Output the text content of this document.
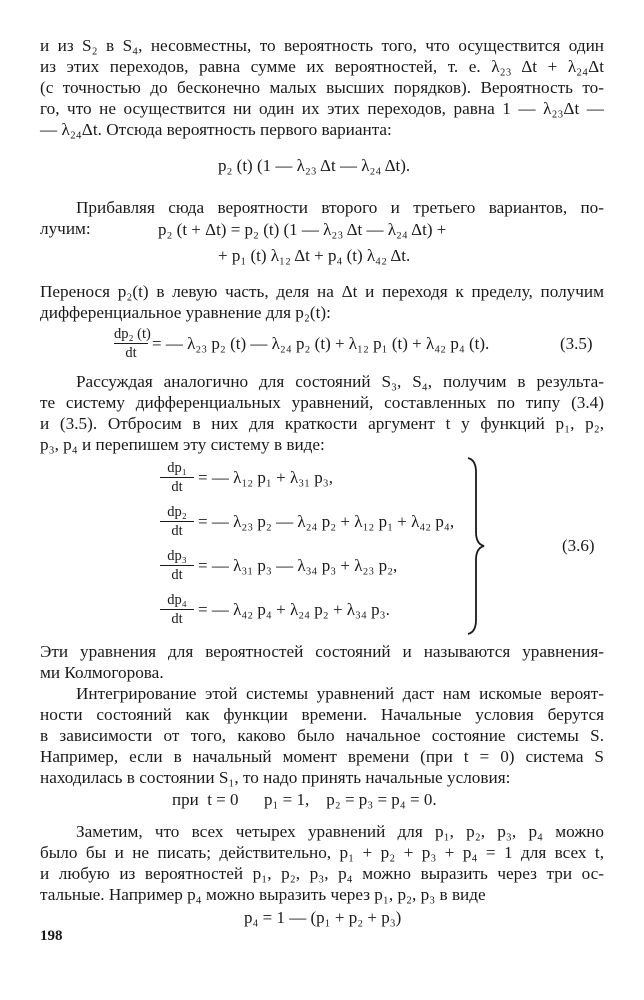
и из S₂ в S₄, несовместны, то вероятность того, что осуществится один
из этих переходов, равна сумме их вероятностей, т. е. λ₂₃ Δt + λ₂₄Δt
(с точностью до бесконечно малых высших порядков). Вероятность то-
го, что не осуществится ни один их этих переходов, равна 1 — λ₂₃Δt —
— λ₂₄Δt. Отсюда вероятность первого варианта:
p₂ (t) (1 — λ₂₃ Δt — λ₂₄ Δt).
Прибавляя сюда вероятности второго и третьего вариантов, по-
лучим:	p₂ (t + Δt) = p₂ (t) (1 — λ₂₃ Δt — λ₂₄ Δt) +
+ p₁ (t) λ₁₂ Δt + p₄ (t) λ₄₂ Δt.
Перенося p₂(t) в левую часть, деля на Δt и переходя к пределу, получим
дифференциальное уравнение для p₂(t):
dp₂ (t)
dt = — λ₂₃ p₂ (t) — λ₂₄ p₂ (t) + λ₁₂ p₁ (t) + λ₄₂ p₄ (t).	(3.5)
Рассуждая аналогично для состояний S₃, S₄, получим в результа-
те систему дифференциальных уравнений, составленных по типу (3.4)
и (3.5). Отбросим в них для краткости аргумент t у функций p₁, p₂,
p₃, p₄ и перепишем эту систему в виде:
dp₁
dt = — λ₁₂ p₁ + λ₃₁ p₃,
dp₂
dt = — λ₂₃ p₂ — λ₂₄ p₂ + λ₁₂ p₁ + λ₄₂ p₄,
dp₃
dt = — λ₃₁ p₃ — λ₃₄ p₃ + λ₂₃ p₂,
dp₄
dt = — λ₄₂ p₄ + λ₂₄ p₂ + λ₃₄ p₃.
(3.6)
Эти уравнения для вероятностей состояний и называются уравнения-
ми Колмогорова.
Интегрирование этой системы уравнений даст нам искомые вероят-
ности состояний как функции времени. Начальные условия берутся
в зависимости от того, каково было начальное состояние системы S.
Например, если в начальный момент времени (при t = 0) система S
находилась в состоянии S₁, то надо принять начальные условия:
при  t = 0      p₁ = 1,    p₂ = p₃ = p₄ = 0.
Заметим, что всех четырех уравнений для p₁, p₂, p₃, p₄ можно
было бы и не писать; действительно, p₁ + p₂ + p₃ + p₄ = 1 для всех t,
и любую из вероятностей p₁, p₂, p₃, p₄ можно выразить через три ос-
тальные. Например p₄ можно выразить через p₁, p₂, p₃ в виде
p₄ = 1 — (p₁ + p₂ + p₃)
198
